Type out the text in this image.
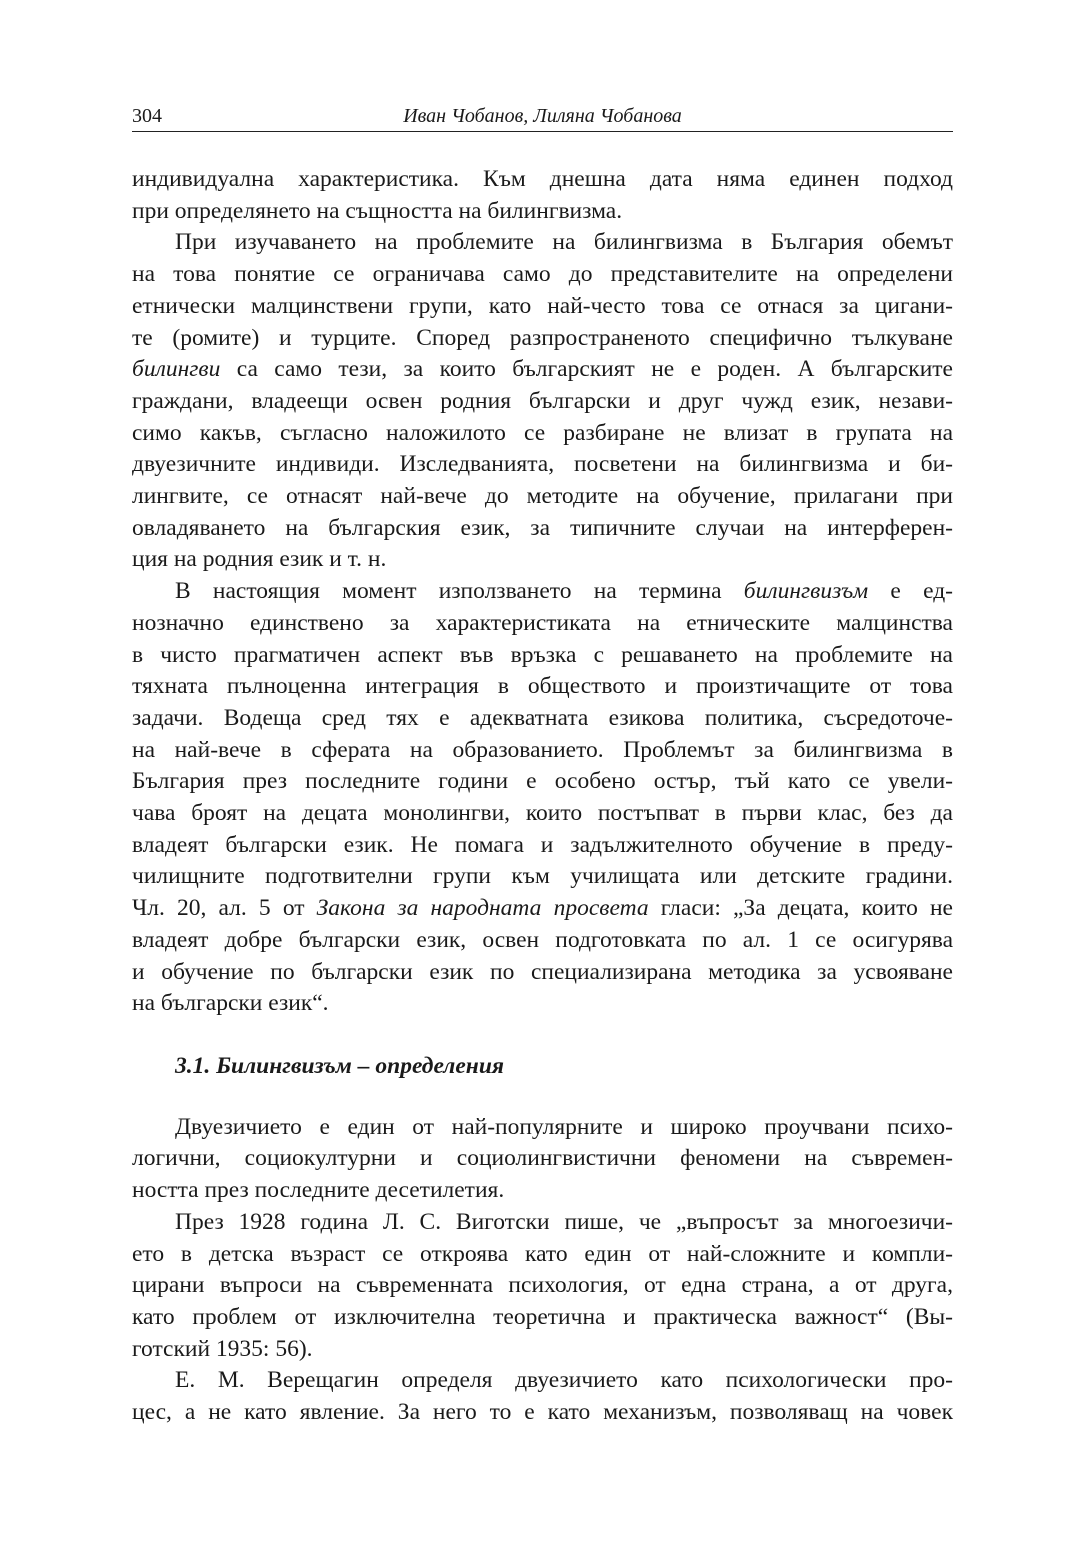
304	Иван Чобанов, Лиляна Чобанова
индивидуална характеристика. Към днешна дата няма единен подход
при определянето на същността на билингвизма.
При изучаването на проблемите на билингвизма в България обемът
на това понятие се ограничава само до представителите на определени
етнически малцинствени групи, като най-често това се отнася за цигани-
те (ромите) и турците. Според разпространеното специфично тълкуване
билингви са само тези, за които българският не е роден. А българските
граждани, владеещи освен родния български и друг чужд език, незави-
симо какъв, съгласно наложилото се разбиране не влизат в групата на
двуезичните индивиди. Изследванията, посветени на билингвизма и би-
лингвите, се отнасят най-вече до методите на обучение, прилагани при
овладяването на българския език, за типичните случаи на интерферен-
ция на родния език и т. н.
В настоящия момент използването на термина билингвизъм е ед-
нозначно единствено за характеристиката на етническите малцинства
в чисто прагматичен аспект във връзка с решаването на проблемите на
тяхната пълноценна интеграция в обществото и произтичащите от това
задачи. Водеща сред тях е адекватната езикова политика, съсредоточе-
на най-вече в сферата на образованието. Проблемът за билингвизма в
България през последните години е особено остър, тъй като се увели-
чава броят на децата монолингви, които постъпват в първи клас, без да
владеят български език. Не помага и задължителното обучение в преду-
чилищните подготвителни групи към училищата или детските градини.
Чл. 20, ал. 5 от Закона за народната просвета гласи: „За децата, които не
владеят добре български език, освен подготовката по ал. 1 се осигурява
и обучение по български език по специализирана методика за усвояване
на български език“.
3.1. Билингвизъм – определения
Двуезичието е един от най-популярните и широко проучвани психо-
логични, социокултурни и социолингвистични феномени на съвремен-
ността през последните десетилетия.
През 1928 година Л. С. Виготски пише, че „въпросът за многоезичи-
ето в детска възраст се откроява като един от най-сложните и компли-
цирани въпроси на съвременната психология, от една страна, а от друга,
като проблем от изключителна теоретична и практическа важност“ (Вы-
готский 1935: 56).
Е. М. Верещагин определя двуезичието като психологически про-
цес, а не като явление. За него то е като механизъм, позволяващ на човек
